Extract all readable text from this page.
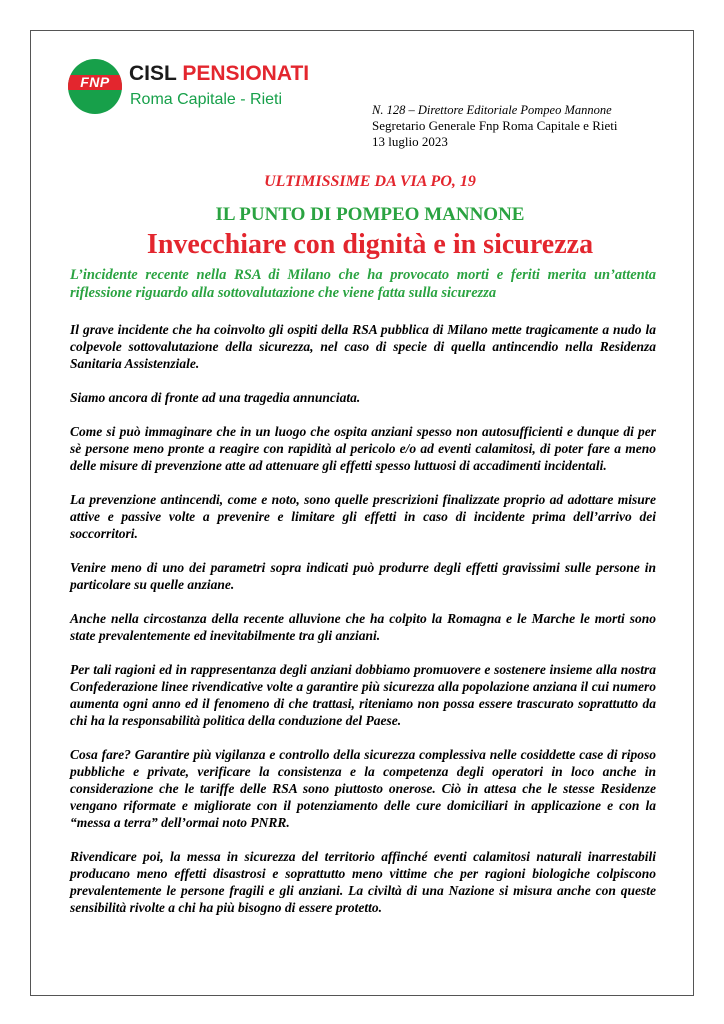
FNP CISL PENSIONATI
Roma Capitale - Rieti
N. 128 – Direttore Editoriale Pompeo Mannone
Segretario Generale Fnp Roma Capitale e Rieti
13 luglio 2023
ULTIMISSIME DA VIA PO, 19
IL PUNTO DI POMPEO MANNONE
Invecchiare con dignità e in sicurezza
L’incidente recente nella RSA di Milano che ha provocato morti e feriti merita un’attenta riflessione riguardo alla sottovalutazione che viene fatta sulla sicurezza

Il grave incidente che ha coinvolto gli ospiti della RSA pubblica di Milano mette tragicamente a nudo la colpevole sottovalutazione della sicurezza, nel caso di specie di quella antincendio nella Residenza Sanitaria Assistenziale.

Siamo ancora di fronte ad una tragedia annunciata.

Come si può immaginare che in un luogo che ospita anziani spesso non autosufficienti e dunque di per sè persone meno pronte a reagire con rapidità al pericolo e/o ad eventi calamitosi, di poter fare a meno delle misure di prevenzione atte ad attenuare gli effetti spesso luttuosi di accadimenti incidentali.

La prevenzione antincendi, come e noto, sono quelle prescrizioni finalizzate proprio ad adottare misure attive e passive volte a prevenire e limitare gli effetti in caso di incidente prima dell’arrivo dei soccorritori.

Venire meno di uno dei parametri sopra indicati può produrre degli effetti gravissimi sulle persone in particolare su quelle anziane.

Anche nella circostanza della recente alluvione che ha colpito la Romagna e le Marche le morti sono state prevalentemente ed inevitabilmente tra gli anziani.

Per tali ragioni ed in rappresentanza degli anziani dobbiamo promuovere e sostenere insieme alla nostra Confederazione linee rivendicative volte a garantire più sicurezza alla popolazione anziana il cui numero aumenta ogni anno ed il fenomeno di che trattasi, riteniamo non possa essere trascurato soprattutto da chi ha la responsabilità politica della conduzione del Paese.

Cosa fare? Garantire più vigilanza e controllo della sicurezza complessiva nelle cosiddette case di riposo pubbliche e private, verificare la consistenza e la competenza degli operatori in loco anche in considerazione che le tariffe delle RSA sono piuttosto onerose. Ciò in attesa che le stesse Residenze vengano riformate e migliorate con il potenziamento delle cure domiciliari in applicazione e con la “messa a terra” dell’ormai noto PNRR.

Rivendicare poi, la messa in sicurezza del territorio affinché eventi calamitosi naturali inarrestabili producano meno effetti disastrosi e soprattutto meno vittime che per ragioni biologiche colpiscono prevalentemente le persone fragili e gli anziani. La civiltà di una Nazione si misura anche con queste sensibilità rivolte a chi ha più bisogno di essere protetto.
